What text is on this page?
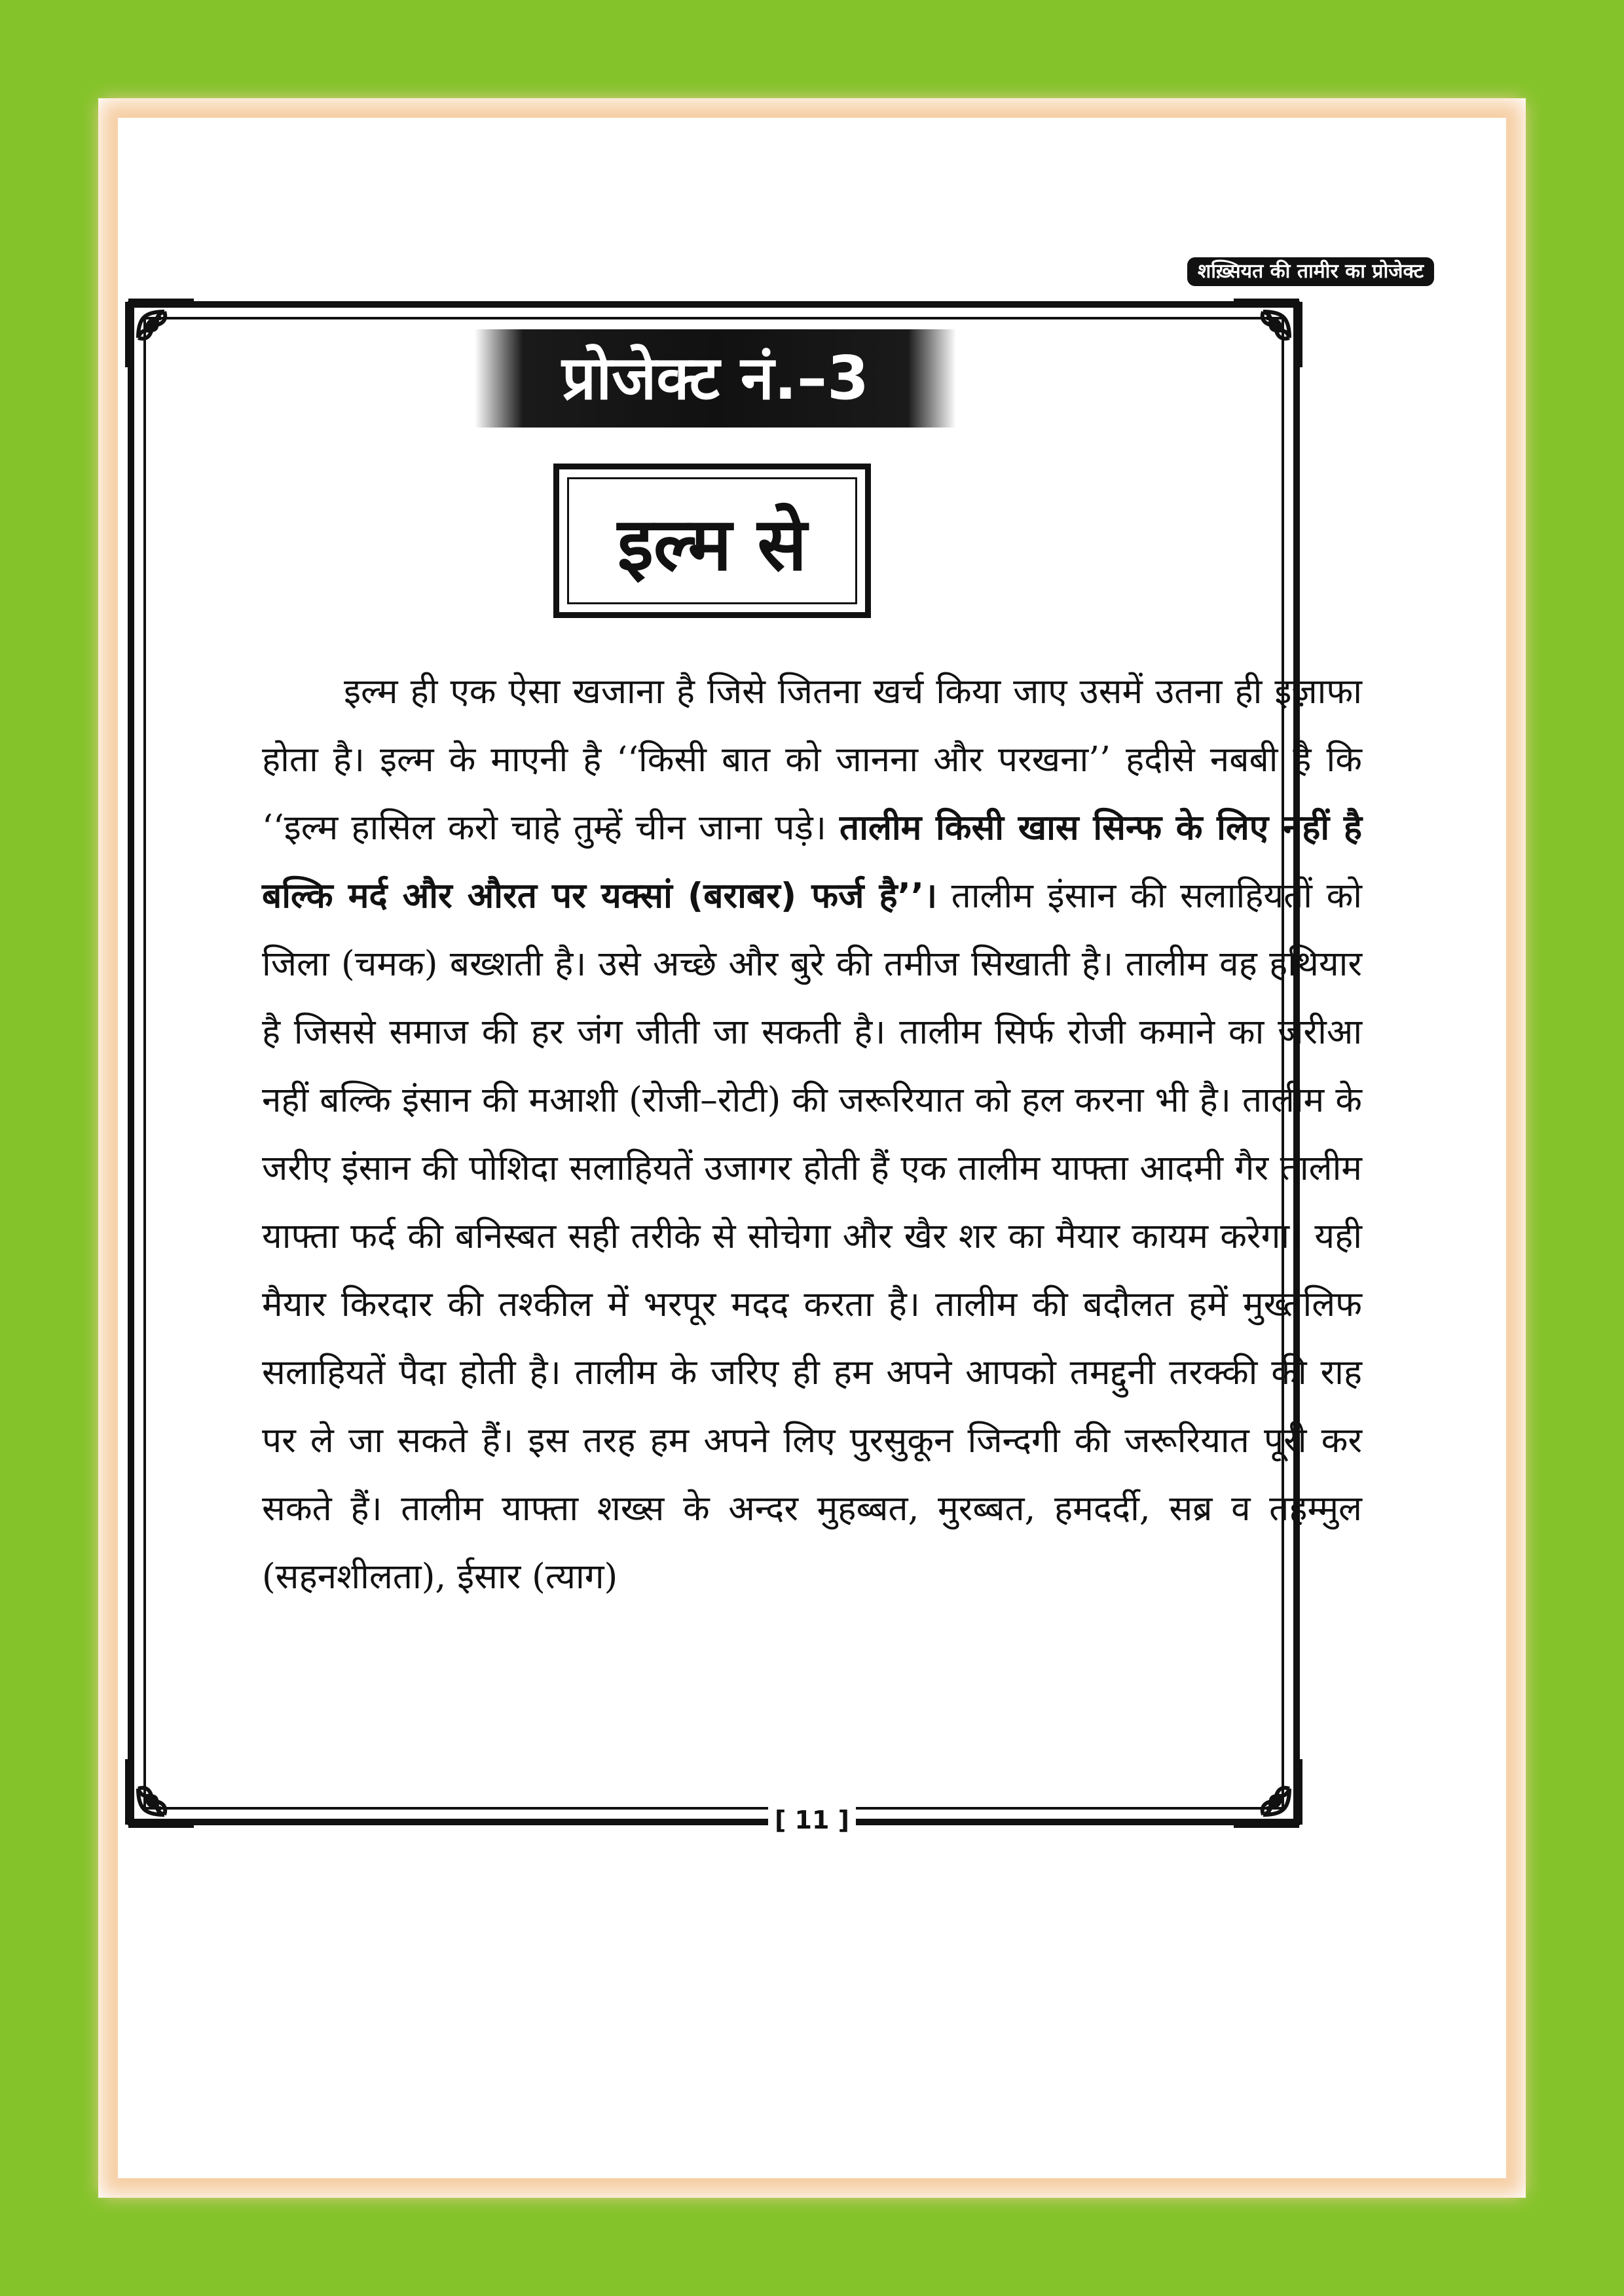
शख़्सियत की तामीर का प्रोजेक्ट
प्रोजेक्ट नं.–3
इल्म से
इल्म ही एक ऐसा खजाना है जिसे जितना खर्च किया जाए उसमें उतना ही इज़ाफा होता है। इल्म के माएनी है ‘‘किसी बात को जानना और परखना’’ हदीसे नबबी है कि ‘‘इल्म हासिल करो चाहे तुम्हें चीन जाना पड़े। तालीम किसी खास सिन्फ के लिए नहीं है बल्कि मर्द और औरत पर यक्सां (बराबर) फर्ज है’’। तालीम इंसान की सलाहियतों को जिला (चमक) बख्शती है। उसे अच्छे और बुरे की तमीज सिखाती है। तालीम वह हथियार है जिससे समाज की हर जंग जीती जा सकती है। तालीम सिर्फ रोजी कमाने का जरीआ नहीं बल्कि इंसान की मआशी (रोजी–रोटी) की जरूरियात को हल करना भी है। तालीम के जरीए इंसान की पोशिदा सलाहियतें उजागर होती हैं एक तालीम याफ्ता आदमी गैर तालीम याफ्ता फर्द की बनिस्बत सही तरीके से सोचेगा और खैर शर का मैयार कायम करेगा। यही मैयार किरदार की तश्कील में भरपूर मदद करता है। तालीम की बदौलत हमें मुख्तलिफ सलाहियतें पैदा होती है। तालीम के जरिए ही हम अपने आपको तमद्दुनी तरक्की की राह पर ले जा सकते हैं। इस तरह हम अपने लिए पुरसुकून जिन्दगी की जरूरियात पूरी कर सकते हैं। तालीम याफ्ता शख्स के अन्दर मुहब्बत, मुरब्बत, हमदर्दी, सब्र व तहम्मुल (सहनशीलता), ईसार (त्याग)
[ 11 ]
